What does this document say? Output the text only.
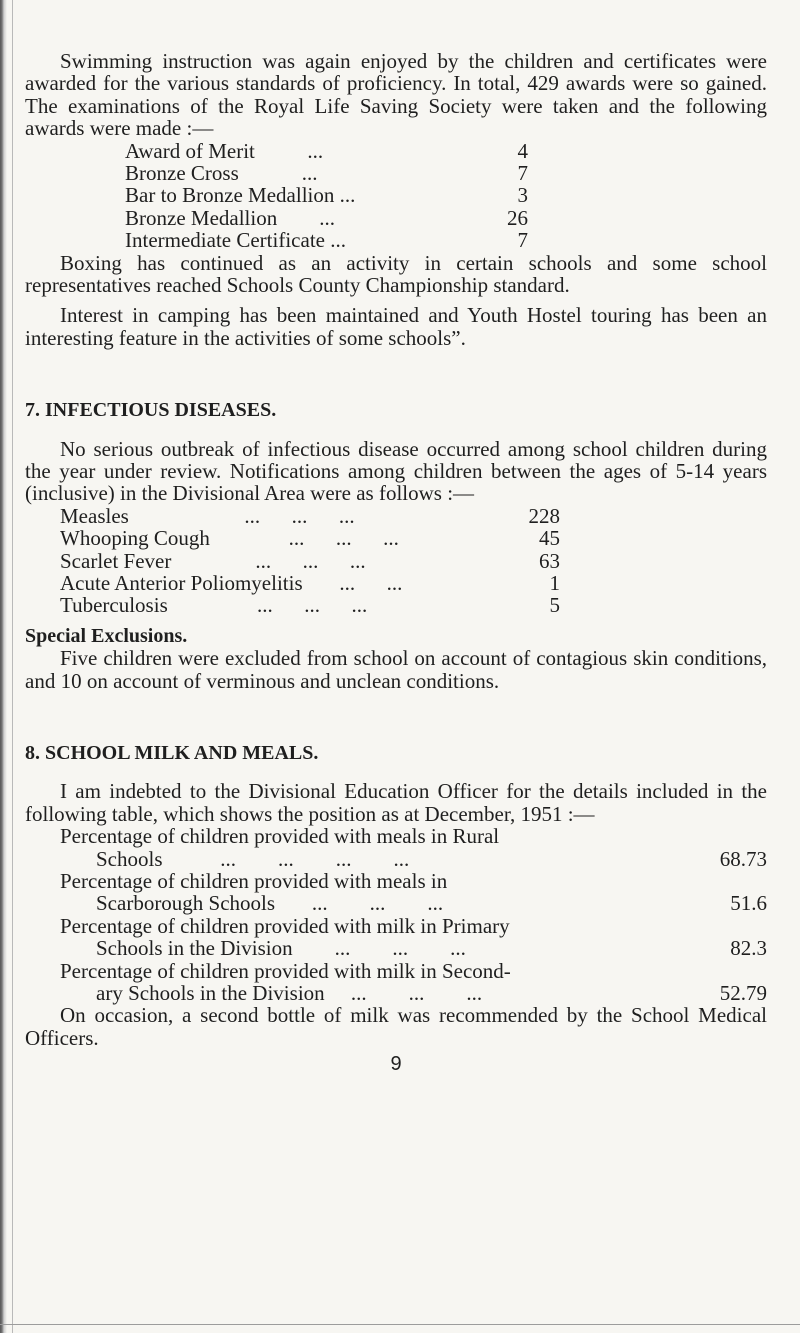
Swimming instruction was again enjoyed by the children and certificates were awarded for the various standards of proficiency. In total, 429 awards were so gained. The examinations of the Royal Life Saving Society were taken and the following awards were made :—

Award of Merit          ...	4
Bronze Cross            ...	7
Bar to Bronze Medallion ...	3
Bronze Medallion        ...	26
Intermediate Certificate ...	7

Boxing has continued as an activity in certain schools and some school representatives reached Schools County Championship standard.

Interest in camping has been maintained and Youth Hostel touring has been an interesting feature in the activities of some schools”.

7. INFECTIOUS DISEASES.

No serious outbreak of infectious disease occurred among school children during the year under review. Notifications among children between the ages of 5-14 years (inclusive) in the Divisional Area were as follows :—

Measles                      ...      ...      ...	228
Whooping Cough               ...      ...      ...	45
Scarlet Fever                ...      ...      ...	63
Acute Anterior Poliomyelitis       ...      ...	1
Tuberculosis                 ...      ...      ...	5
Special Exclusions.

Five children were excluded from school on account of contagious skin conditions, and 10 on account of verminous and unclean conditions.

8. SCHOOL MILK AND MEALS.

I am indebted to the Divisional Education Officer for the details included in the following table, which shows the position as at December, 1951 :—

Percentage of children provided with meals in Rural
Schools           ...        ...        ...        ...	68.73
Percentage of children provided with meals in
Scarborough Schools       ...        ...        ...	51.6
Percentage of children provided with milk in Primary
Schools in the Division        ...        ...        ...	82.3
Percentage of children provided with milk in Second-
ary Schools in the Division     ...        ...        ...	52.79

On occasion, a second bottle of milk was recommended by the School Medical Officers.

9
